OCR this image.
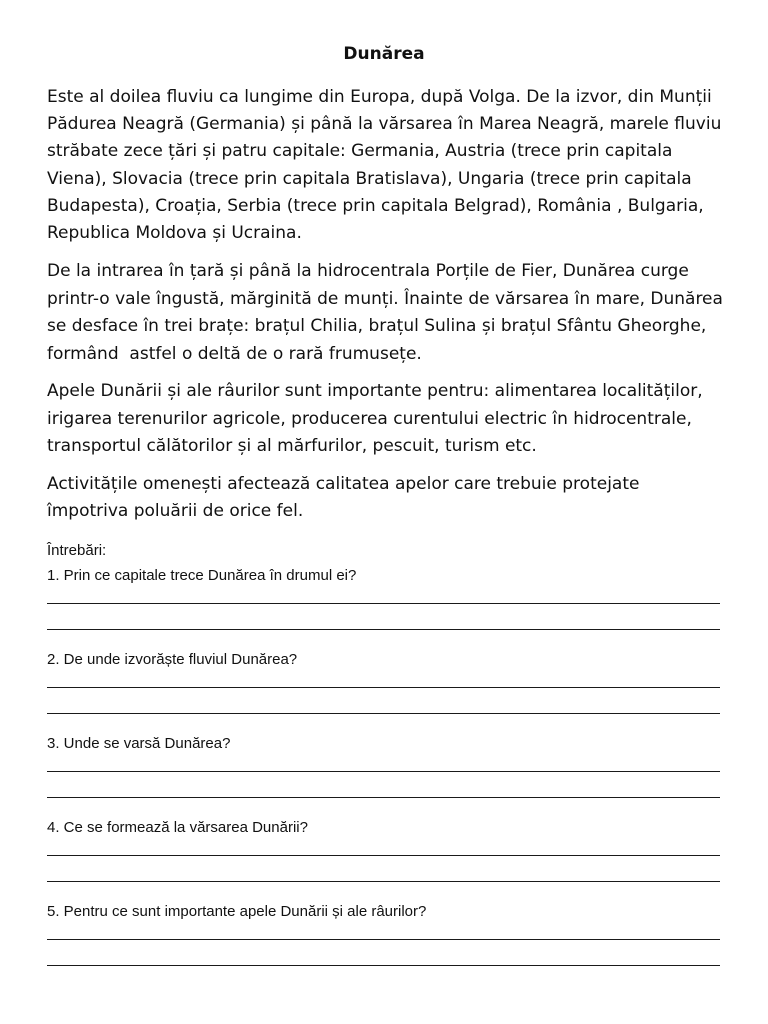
Dunărea
Este al doilea fluviu ca lungime din Europa, după Volga. De la izvor, din Munții
Pădurea Neagră (Germania) și până la vărsarea în Marea Neagră, marele fluviu
străbate zece țări și patru capitale: Germania, Austria (trece prin capitala
Viena), Slovacia (trece prin capitala Bratislava), Ungaria (trece prin capitala
Budapesta), Croația, Serbia (trece prin capitala Belgrad), România , Bulgaria,
Republica Moldova și Ucraina.
De la intrarea în țară și până la hidrocentrala Porțile de Fier, Dunărea curge
printr-o vale îngustă, mărginită de munți. Înainte de vărsarea în mare, Dunărea
se desface în trei brațe: brațul Chilia, brațul Sulina și brațul Sfântu Gheorghe,
formând  astfel o deltă de o rară frumusețe.
Apele Dunării și ale râurilor sunt importante pentru: alimentarea localităților,
irigarea terenurilor agricole, producerea curentului electric în hidrocentrale,
transportul călătorilor și al mărfurilor, pescuit, turism etc.
Activitățile omenești afectează calitatea apelor care trebuie protejate
împotriva poluării de orice fel.
Întrebări:
1. Prin ce capitale trece Dunărea în drumul ei?
2. De unde izvorăște fluviul Dunărea?
3. Unde se varsă Dunărea?
4. Ce se formează la vărsarea Dunării?
5. Pentru ce sunt importante apele Dunării și ale râurilor?
